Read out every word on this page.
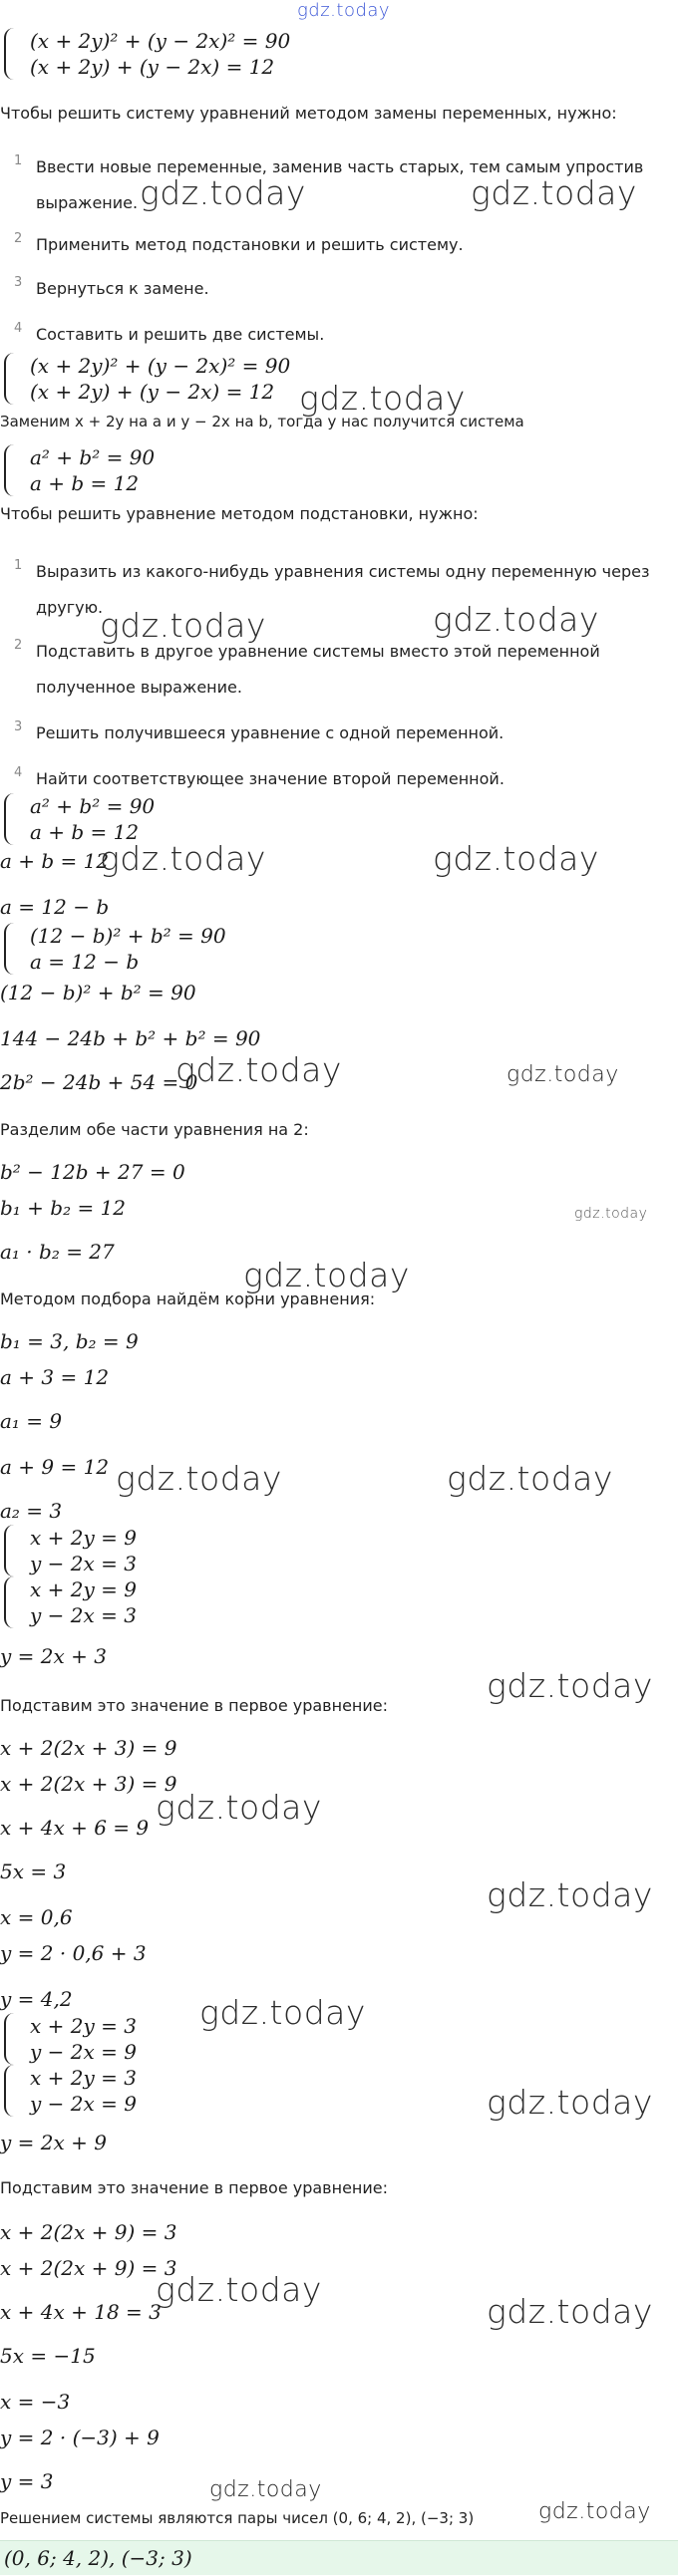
gdz.today
(x + 2y)² + (y − 2x)² = 90
(x + 2y) + (y − 2x) = 12
Чтобы решить систему уравнений методом замены переменных, нужно:
1 Ввести новые переменные, заменив часть старых, тем самым упростив выражение. gdz.today	gdz.today
2 Применить метод подстановки и решить систему.
3 Вернуться к замене.
4 Составить и решить две системы.
(x + 2y)² + (y − 2x)² = 90
(x + 2y) + (y − 2x) = 12 gdz.today
Заменим x + 2y на a и y − 2x на b, тогда у нас получится система
a² + b² = 90
a + b = 12
Чтобы решить уравнение методом подстановки, нужно:
1 Выразить из какого-нибудь уравнения системы одну переменную через другую.
gdz.today	gdz.today
2 Подставить в другое уравнение системы вместо этой переменной полученное выражение.
3 Решить получившееся уравнение с одной переменной.
4 Найти соответствующее значение второй переменной.
a² + b² = 90
a + b = 12
a + b = 12
gdz.today	gdz.today
a = 12 − b
(12 − b)² + b² = 90
a = 12 − b
(12 − b)² + b² = 90
144 − 24b + b² + b² = 90
2b² − 24b + 54 = 0
gdz.today	gdz.today
Разделим обе части уравнения на 2:
b² − 12b + 27 = 0
b₁ + b₂ = 12	gdz.today
a₁ · b₂ = 27
gdz.today
Методом подбора найдём корни уравнения:
b₁ = 3, b₂ = 9
a + 3 = 12
a₁ = 9
a + 9 = 12 gdz.today	gdz.today
a₂ = 3
x + 2y = 9
y − 2x = 3
x + 2y = 9
y − 2x = 3
y = 2x + 3
gdz.today
Подставим это значение в первое уравнение:
x + 2(2x + 3) = 9
x + 2(2x + 3) = 9
x + 4x + 6 = 9
gdz.today
5x = 3
gdz.today
x = 0,6
y = 2 · 0,6 + 3
y = 4,2	gdz.today
x + 2y = 3
y − 2x = 9
x + 2y = 3
y − 2x = 9	gdz.today
y = 2x + 9
Подставим это значение в первое уравнение:
x + 2(2x + 9) = 3
x + 2(2x + 9) = 3
gdz.today
x + 4x + 18 = 3	gdz.today
5x = −15
x = −3
y = 2 · (−3) + 9
y = 3	gdz.today
Решением системы являются пары чисел (0, 6; 4, 2), (−3; 3)	gdz.today
(0, 6; 4, 2), (−3; 3)
